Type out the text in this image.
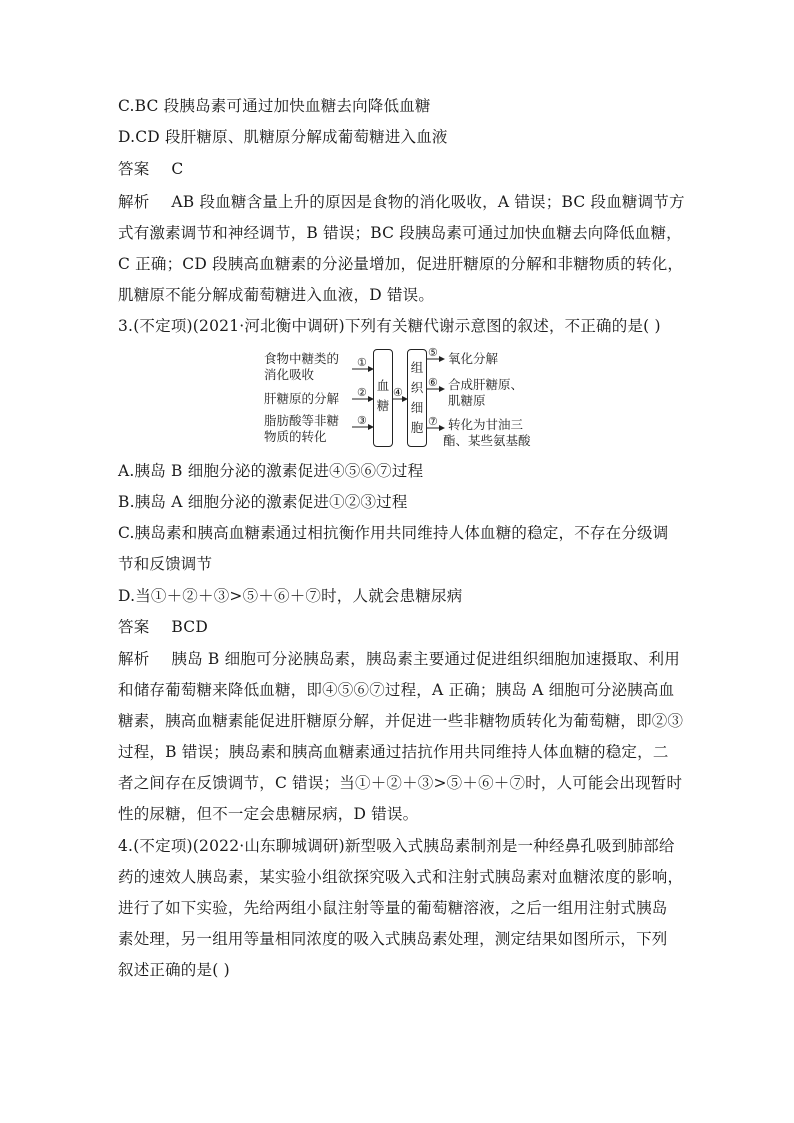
C.BC 段胰岛素可通过加快血糖去向降低血糖
D.CD 段肝糖原、肌糖原分解成葡萄糖进入血液
答案 C
解析 AB 段血糖含量上升的原因是食物的消化吸收，A 错误；BC 段血糖调节方
式有激素调节和神经调节，B 错误；BC 段胰岛素可通过加快血糖去向降低血糖，
C 正确；CD 段胰高血糖素的分泌量增加，促进肝糖原的分解和非糖物质的转化，
肌糖原不能分解成葡萄糖进入血液，D 错误。
3.(不定项)(2021·河北衡中调研)下列有关糖代谢示意图的叙述，不正确的是( )
食物中糖类的
消化吸收
肝糖原的分解
脂肪酸等非糖
物质的转化
①
②
③
血
糖
④
组
织
细
胞
⑤
⑥
⑦
氧化分解
合成肝糖原、
肌糖原
转化为甘油三
酯、某些氨基酸
A.胰岛 B 细胞分泌的激素促进④⑤⑥⑦过程
B.胰岛 A 细胞分泌的激素促进①②③过程
C.胰岛素和胰高血糖素通过相抗衡作用共同维持人体血糖的稳定，不存在分级调
节和反馈调节
D.当①＋②＋③>⑤＋⑥＋⑦时，人就会患糖尿病
答案 BCD
解析 胰岛 B 细胞可分泌胰岛素，胰岛素主要通过促进组织细胞加速摄取、利用
和储存葡萄糖来降低血糖，即④⑤⑥⑦过程，A 正确；胰岛 A 细胞可分泌胰高血
糖素，胰高血糖素能促进肝糖原分解，并促进一些非糖物质转化为葡萄糖，即②③
过程，B 错误；胰岛素和胰高血糖素通过拮抗作用共同维持人体血糖的稳定，二
者之间存在反馈调节，C 错误；当①＋②＋③>⑤＋⑥＋⑦时，人可能会出现暂时
性的尿糖，但不一定会患糖尿病，D 错误。
4.(不定项)(2022·山东聊城调研)新型吸入式胰岛素制剂是一种经鼻孔吸到肺部给
药的速效人胰岛素，某实验小组欲探究吸入式和注射式胰岛素对血糖浓度的影响，
进行了如下实验，先给两组小鼠注射等量的葡萄糖溶液，之后一组用注射式胰岛
素处理，另一组用等量相同浓度的吸入式胰岛素处理，测定结果如图所示，下列
叙述正确的是( )
